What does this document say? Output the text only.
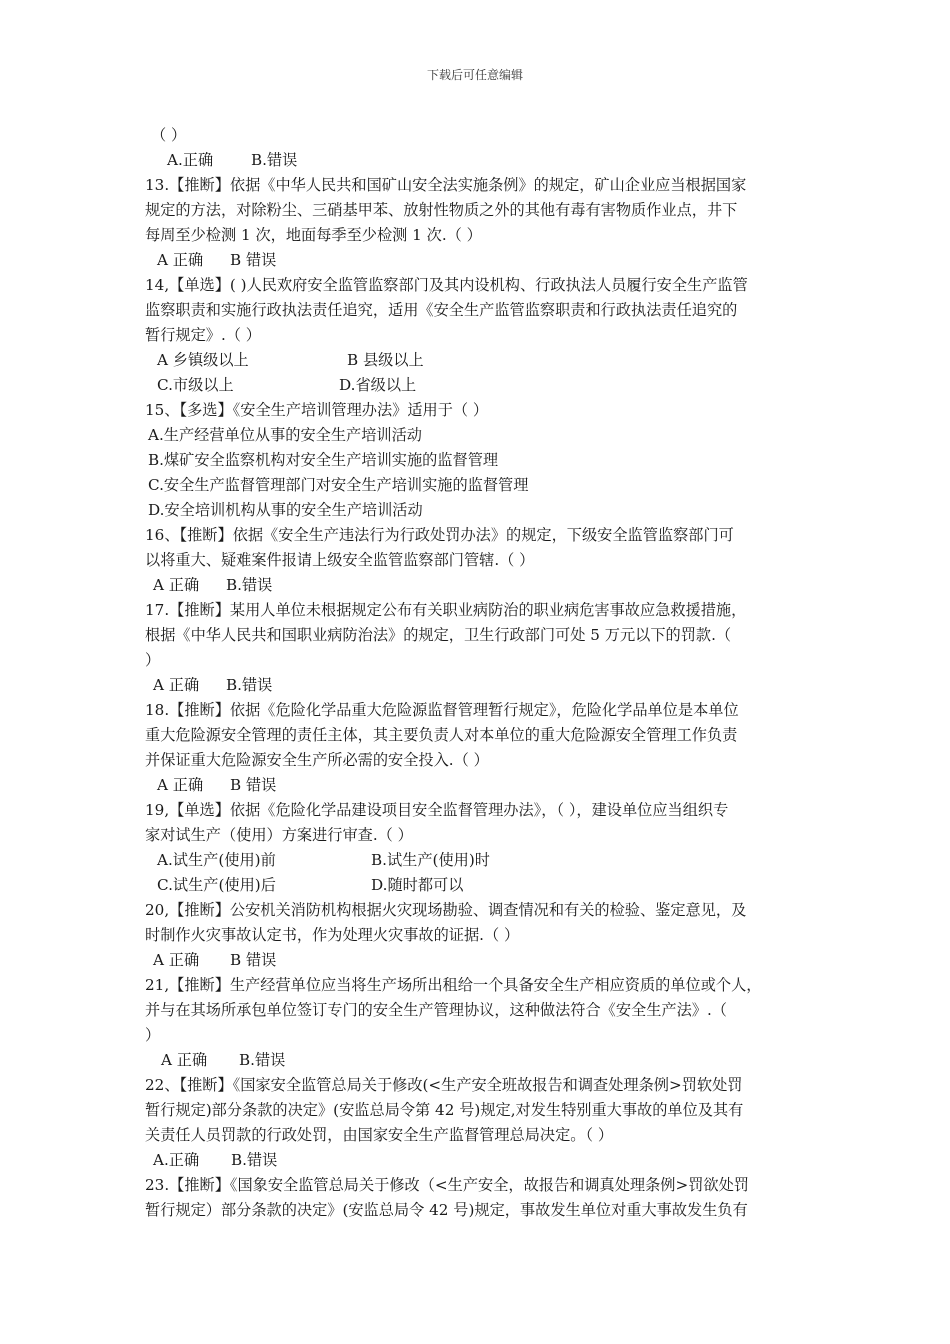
下载后可任意编辑
（ ）
A.正确 B.错误
13.【推断】依据《中华人民共和国矿山安全法实施条例》的规定，矿山企业应当根据国家
规定的方法，对除粉尘、三硝基甲苯、放射性物质之外的其他有毒有害物质作业点，井下
每周至少检测 1 次，地面每季至少检测 1 次.（ ）
A 正确 B 错误
14,【单选】( )人民欢府安全监管监察部门及其内设机构、行政执法人员履行安全生产监管
监察职责和实施行政执法责任追究，适用《安全生产监管监察职责和行政执法责任追究的
暂行规定》.（ ）
A 乡镇级以上	B 县级以上
C.市级以上	D.省级以上
15、【多选】《安全生产培训管理办法》适用于（ ）
A.生产经营单位从事的安全生产培训活动
B.煤矿安全监察机构对安全生产培训实施的监督管理
C.安全生产监督管理部门对安全生产培训实施的监督管理
D.安全培训机构从事的安全生产培训活动
16、【推断】依据《安全生产违法行为行政处罚办法》的规定，下级安全监管监察部门可
以将重大、疑难案件报请上级安全监管监察部门管辖.（ ）
A 正确 B.错误
17.【推断】某用人单位未根据规定公布有关职业病防治的职业病危害事故应急救援措施，
根据《中华人民共和国职业病防治法》的规定，卫生行政部门可处 5 万元以下的罚款.（
）
A 正确 B.错误
18.【推断】依据《危险化学品重大危险源监督管理暂行规定》，危险化学品单位是本单位
重大危险源安全管理的责任主体，其主要负责人对本单位的重大危险源安全管理工作负责
并保证重大危险源安全生产所必需的安全投入.（ ）
A 正确 B 错误
19,【单选】依据《危险化学品建设项目安全监督管理办法》，（ ），建设单位应当组织专
家对试生产（使用）方案进行审查.（ ）
A.试生产(使用)前	B.试生产(使用)时
C.试生产(使用)后	D.随时都可以
20,【推断】公安机关消防机构根据火灾现场勘验、调查情况和有关的检验、鉴定意见，及
时制作火灾事故认定书，作为处理火灾事故的证据.（ ）
A 正确 B 错误
21,【推断】生产经营单位应当将生产场所出租给一个具备安全生产相应资质的单位或个人，
并与在其场所承包单位签订专门的安全生产管理协议，这种做法符合《安全生产法》.（
）
A 正确 B.错误
22、【推断】《国家安全监管总局关于修改(<生产安全班故报告和调查处理条例>罚软处罚
暂行规定)部分条款的决定》(安监总局令第 42 号)规定,对发生特别重大事故的单位及其有
关责任人员罚款的行政处罚，由国家安全生产监督管理总局决定。（ ）
A.正确 B.错误
23.【推断】《国象安全监管总局关于修改（<生产安全，故报告和调真处理条例>罚欲处罚
暂行规定）部分条款的决定》(安监总局令 42 号)规定，事故发生单位对重大事故发生负有
